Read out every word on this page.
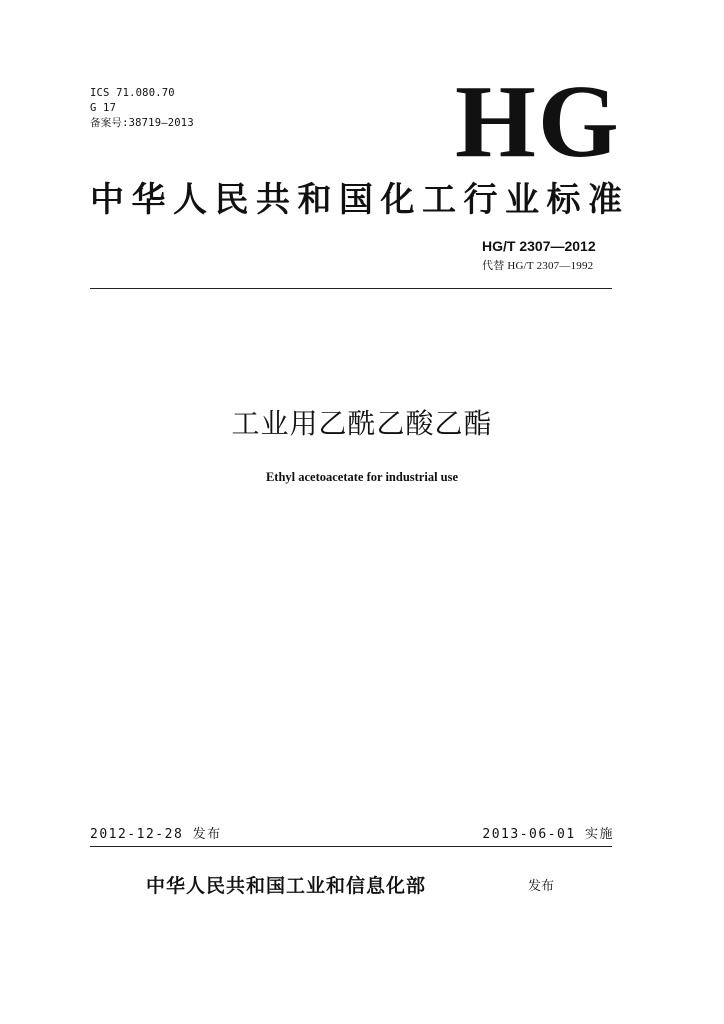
ICS 71.080.70
G 17
备案号:38719—2013	HG
中华人民共和国化工行业标准
HG/T 2307—2012
代替 HG/T 2307—1992
工业用乙酰乙酸乙酯
Ethyl acetoacetate for industrial use
2012-12-28 发布	2013-06-01 实施
中华人民共和国工业和信息化部	发布
